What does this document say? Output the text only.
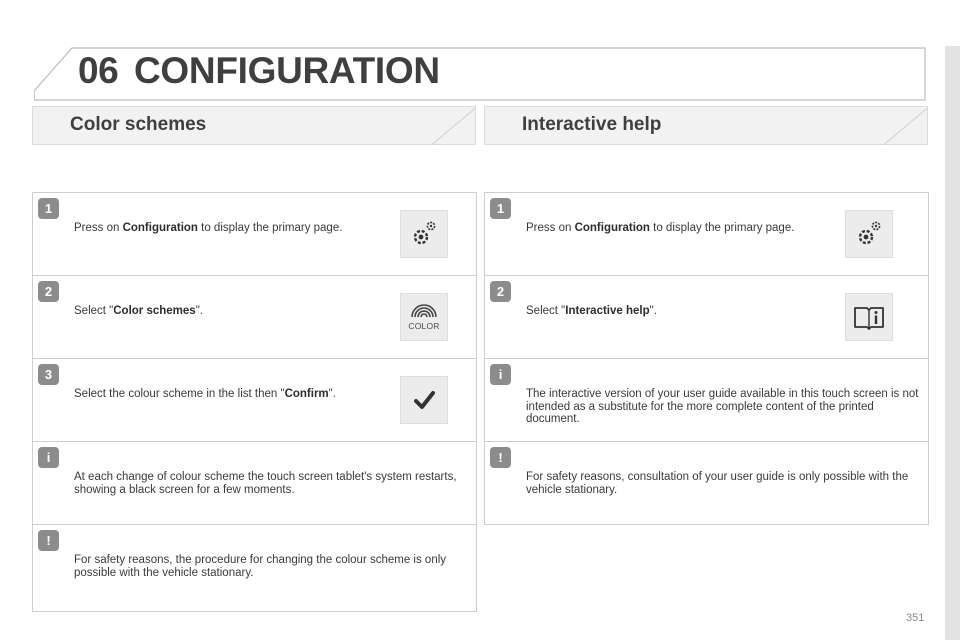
06 CONFIGURATION
Color schemes	Interactive help
1
Press on Configuration to display the primary page.
2
Select "Color schemes".
COLOR
3
Select the colour scheme in the list then "Confirm".
i
At each change of colour scheme the touch screen tablet's system restarts, showing a black screen for a few moments.
!
For safety reasons, the procedure for changing the colour scheme is only possible with the vehicle stationary.
1
Press on Configuration to display the primary page.
2
Select "Interactive help".
i
The interactive version of your user guide available in this touch screen is not intended as a substitute for the more complete content of the printed document.
!
For safety reasons, consultation of your user guide is only possible with the vehicle stationary.
351
